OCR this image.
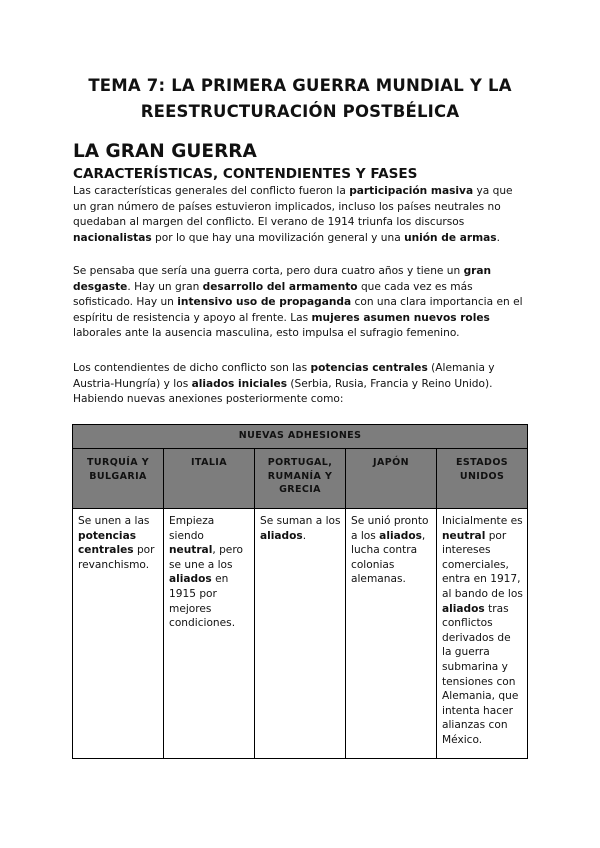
TEMA 7: LA PRIMERA GUERRA MUNDIAL Y LA
REESTRUCTURACIÓN POSTBÉLICA
LA GRAN GUERRA
CARACTERÍSTICAS, CONTENDIENTES Y FASES

Las características generales del conflicto fueron la participación masiva ya que un gran número de países estuvieron implicados, incluso los países neutrales no quedaban al margen del conflicto. El verano de 1914 triunfa los discursos nacionalistas por lo que hay una movilización general y una unión de armas.

Se pensaba que sería una guerra corta, pero dura cuatro años y tiene un gran desgaste. Hay un gran desarrollo del armamento que cada vez es más sofisticado. Hay un intensivo uso de propaganda con una clara importancia en el espíritu de resistencia y apoyo al frente. Las mujeres asumen nuevos roles laborales ante la ausencia masculina, esto impulsa el sufragio femenino.

Los contendientes de dicho conflicto son las potencias centrales (Alemania y Austria-Hungría) y los aliados iniciales (Serbia, Rusia, Francia y Reino Unido). Habiendo nuevas anexiones posteriormente como:

NUEVAS ADHESIONES				
TURQUÍA Y BULGARIA	ITALIA	PORTUGAL, RUMANÍA Y GRECIA	JAPÓN	ESTADOS UNIDOS
Se unen a las potencias centrales por revanchismo.	Empieza siendo neutral, pero se une a los aliados en 1915 por mejores condiciones.	Se suman a los aliados.	Se unió pronto a los aliados, lucha contra colonias alemanas.	Inicialmente es neutral por intereses comerciales, entra en 1917, al bando de los aliados tras conflictos derivados de la guerra submarina y tensiones con Alemania, que intenta hacer alianzas con México.
